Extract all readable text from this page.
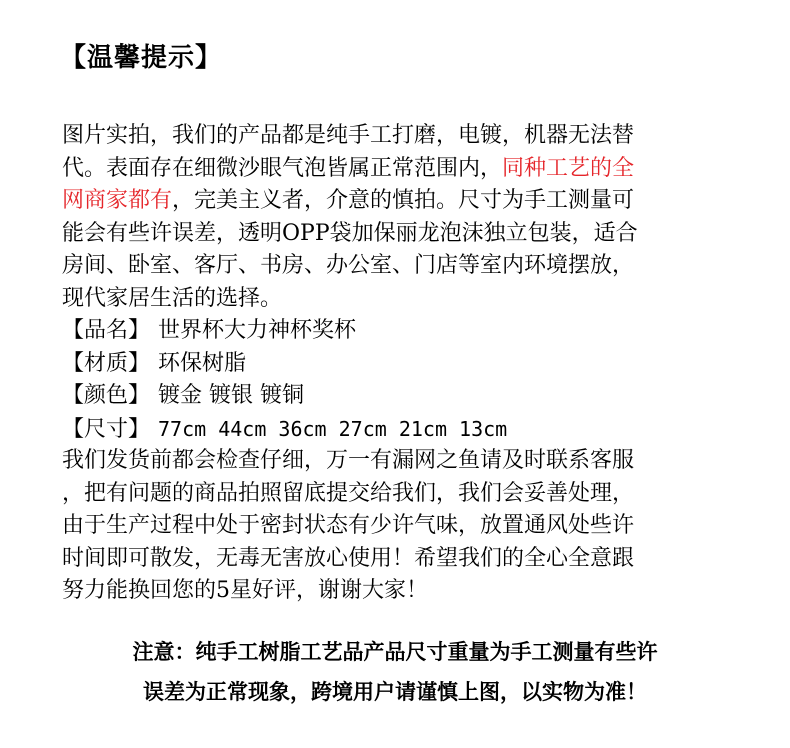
【温馨提示】
图片实拍，我们的产品都是纯手工打磨，电镀，机器无法替
代。表面存在细微沙眼气泡皆属正常范围内，同种工艺的全
网商家都有，完美主义者，介意的慎拍。尺寸为手工测量可
能会有些许误差，透明OPP袋加保丽龙泡沫独立包装，适合
房间、卧室、客厅、书房、办公室、门店等室内环境摆放，
现代家居生活的选择。
【品名】 世界杯大力神杯奖杯
【材质】 环保树脂
【颜色】 镀金 镀银 镀铜
【尺寸】 77cm 44cm 36cm 27cm 21cm 13cm
我们发货前都会检查仔细，万一有漏网之鱼请及时联系客服
，把有问题的商品拍照留底提交给我们，我们会妥善处理，
由于生产过程中处于密封状态有少许气味，放置通风处些许
时间即可散发，无毒无害放心使用！希望我们的全心全意跟
努力能换回您的5星好评，谢谢大家！
注意：纯手工树脂工艺品产品尺寸重量为手工测量有些许
误差为正常现象，跨境用户请谨慎上图，以实物为准！
